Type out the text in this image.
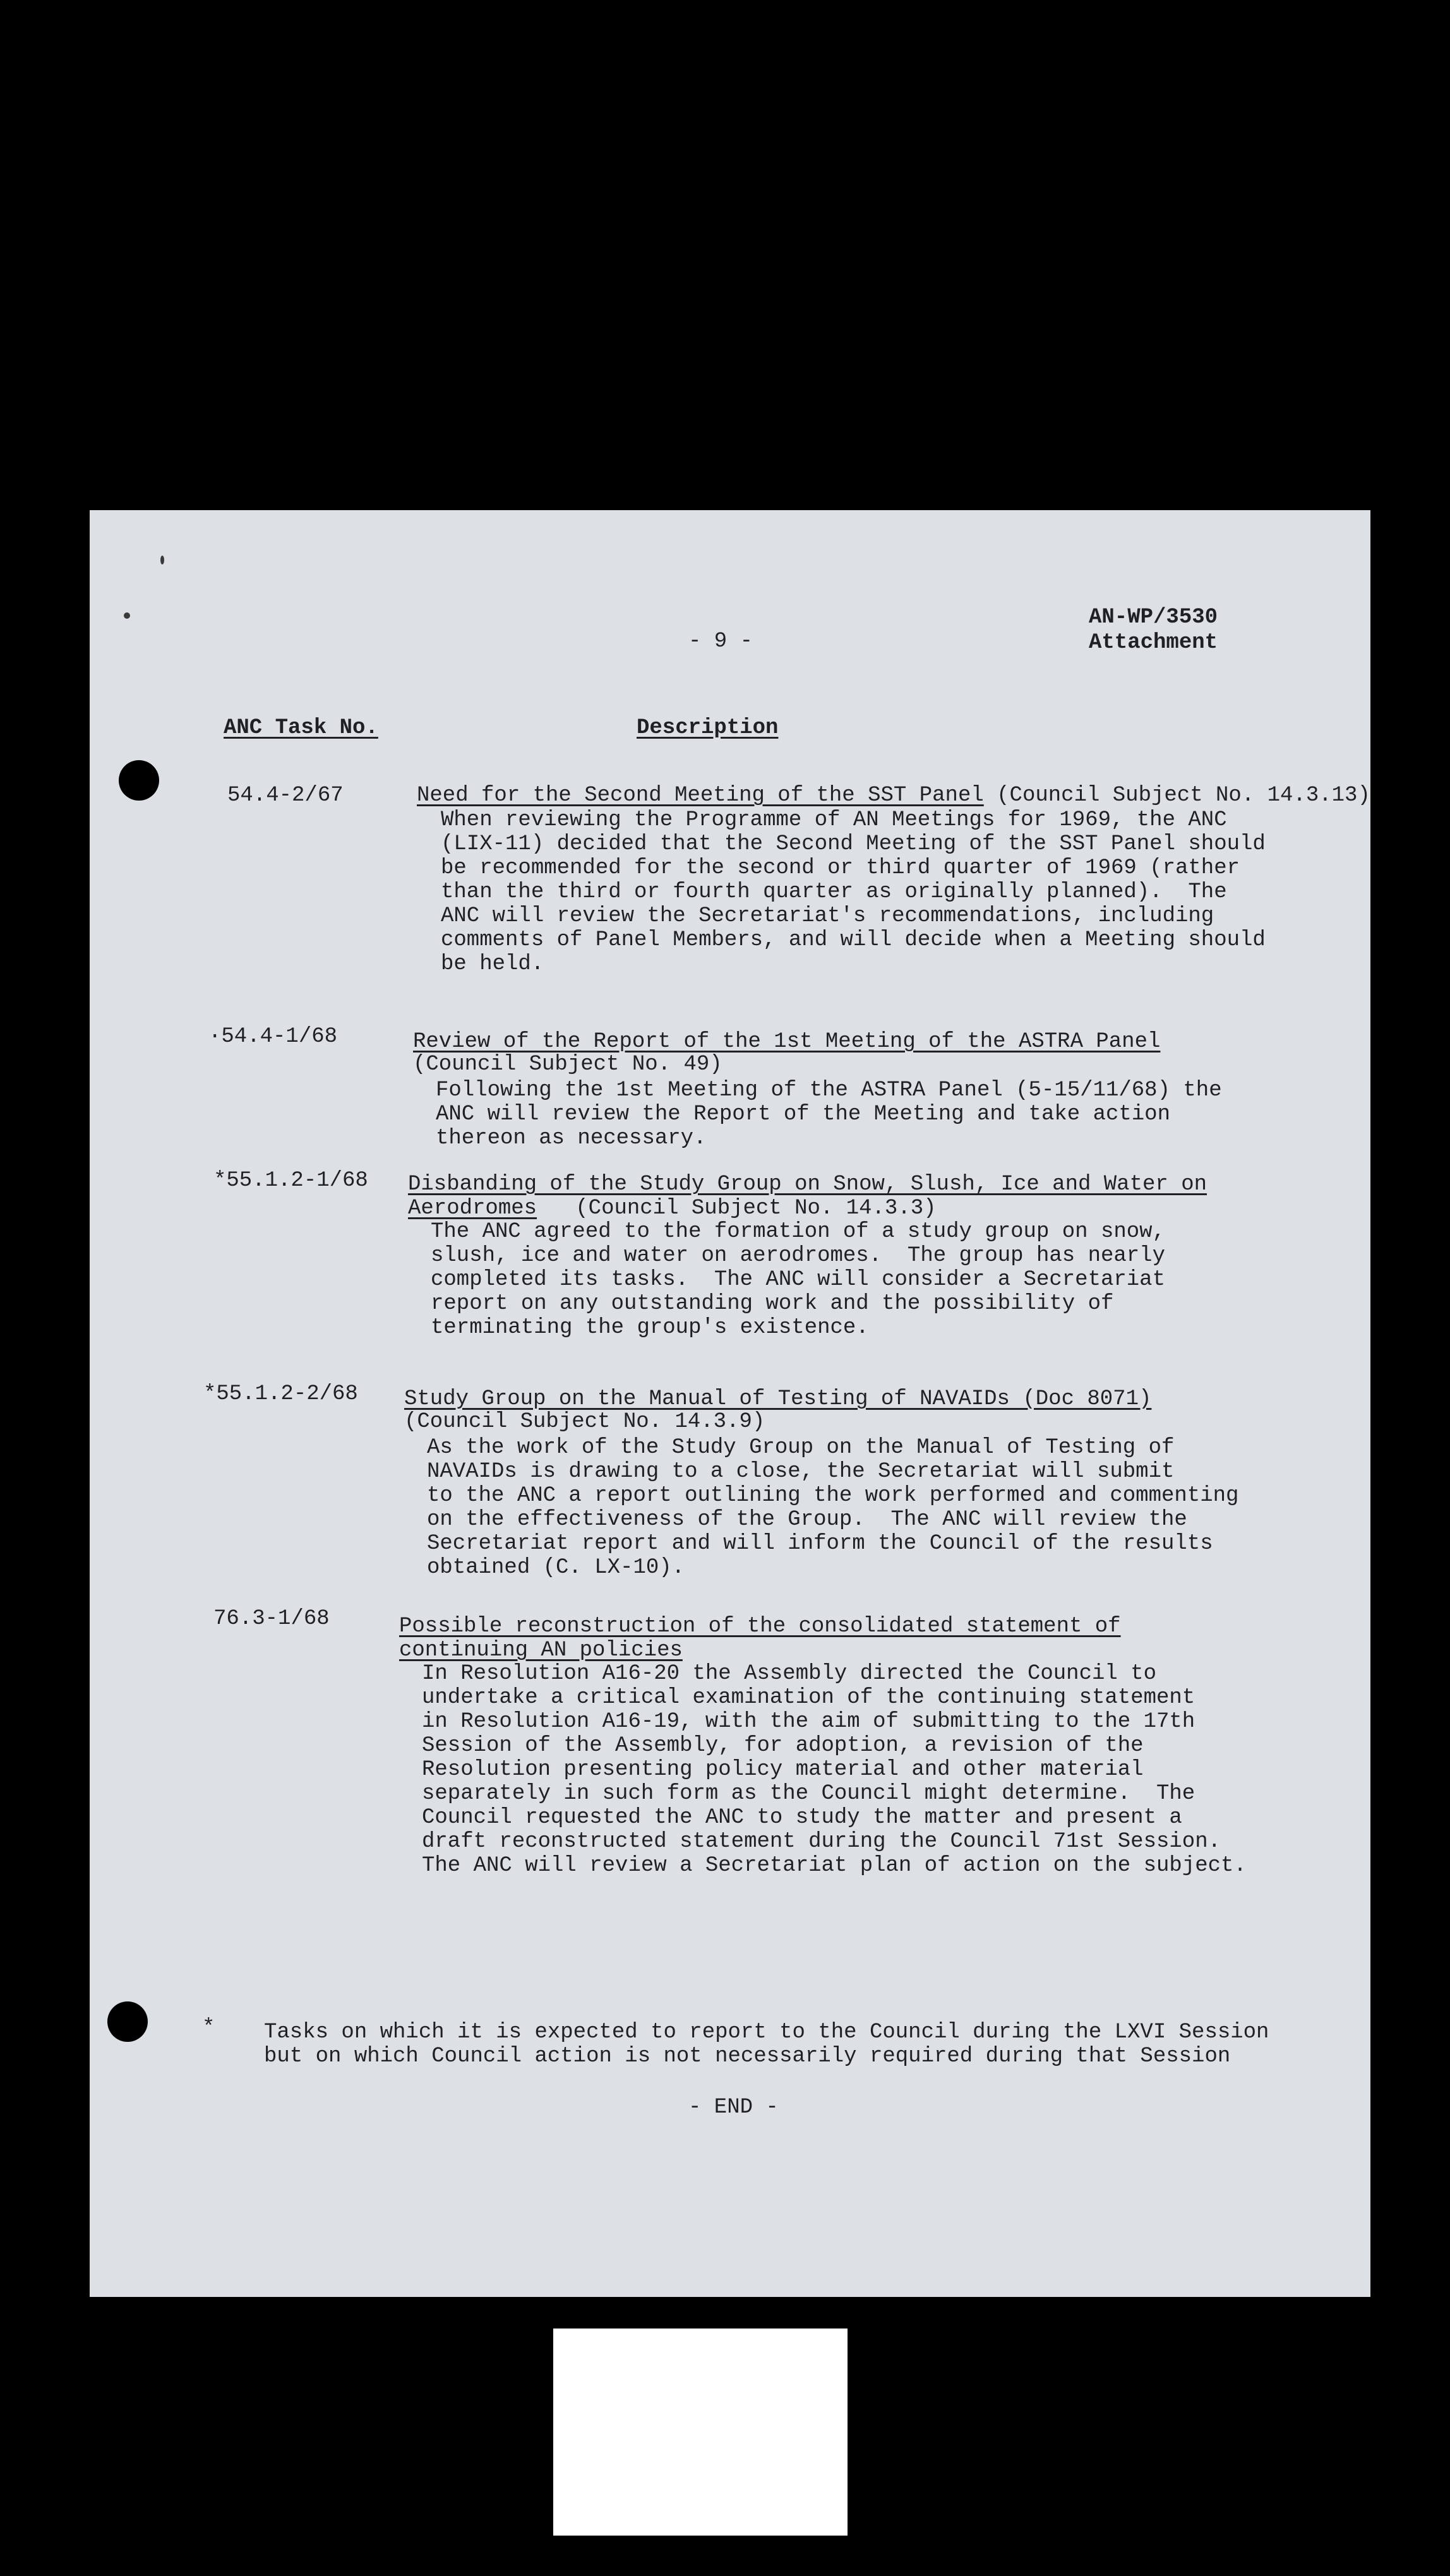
- 9 -
AN-WP/3530
Attachment
ANC Task No.	Description
54.4-2/67	Need for the Second Meeting of the SST Panel (Council Subject No. 14.3.13)
When reviewing the Programme of AN Meetings for 1969, the ANC
(LIX-11) decided that the Second Meeting of the SST Panel should
be recommended for the second or third quarter of 1969 (rather
than the third or fourth quarter as originally planned).  The
ANC will review the Secretariat's recommendations, including
comments of Panel Members, and will decide when a Meeting should
be held.
·54.4-1/68	Review of the Report of the 1st Meeting of the ASTRA Panel
(Council Subject No. 49)
Following the 1st Meeting of the ASTRA Panel (5-15/11/68) the
ANC will review the Report of the Meeting and take action
thereon as necessary.
*55.1.2-1/68 Disbanding of the Study Group on Snow, Slush, Ice and Water on
Aerodromes   (Council Subject No. 14.3.3)
The ANC agreed to the formation of a study group on snow,
slush, ice and water on aerodromes.  The group has nearly
completed its tasks.  The ANC will consider a Secretariat
report on any outstanding work and the possibility of
terminating the group's existence.
*55.1.2-2/68 Study Group on the Manual of Testing of NAVAIDs (Doc 8071)
(Council Subject No. 14.3.9)
As the work of the Study Group on the Manual of Testing of
NAVAIDs is drawing to a close, the Secretariat will submit
to the ANC a report outlining the work performed and commenting
on the effectiveness of the Group.  The ANC will review the
Secretariat report and will inform the Council of the results
obtained (C. LX-10).
76.3-1/68	Possible reconstruction of the consolidated statement of
continuing AN policies
In Resolution A16-20 the Assembly directed the Council to
undertake a critical examination of the continuing statement
in Resolution A16-19, with the aim of submitting to the 17th
Session of the Assembly, for adoption, a revision of the
Resolution presenting policy material and other material
separately in such form as the Council might determine.  The
Council requested the ANC to study the matter and present a
draft reconstructed statement during the Council 71st Session.
The ANC will review a Secretariat plan of action on the subject.
* Tasks on which it is expected to report to the Council during the LXVI Session
but on which Council action is not necessarily required during that Session
- END -
